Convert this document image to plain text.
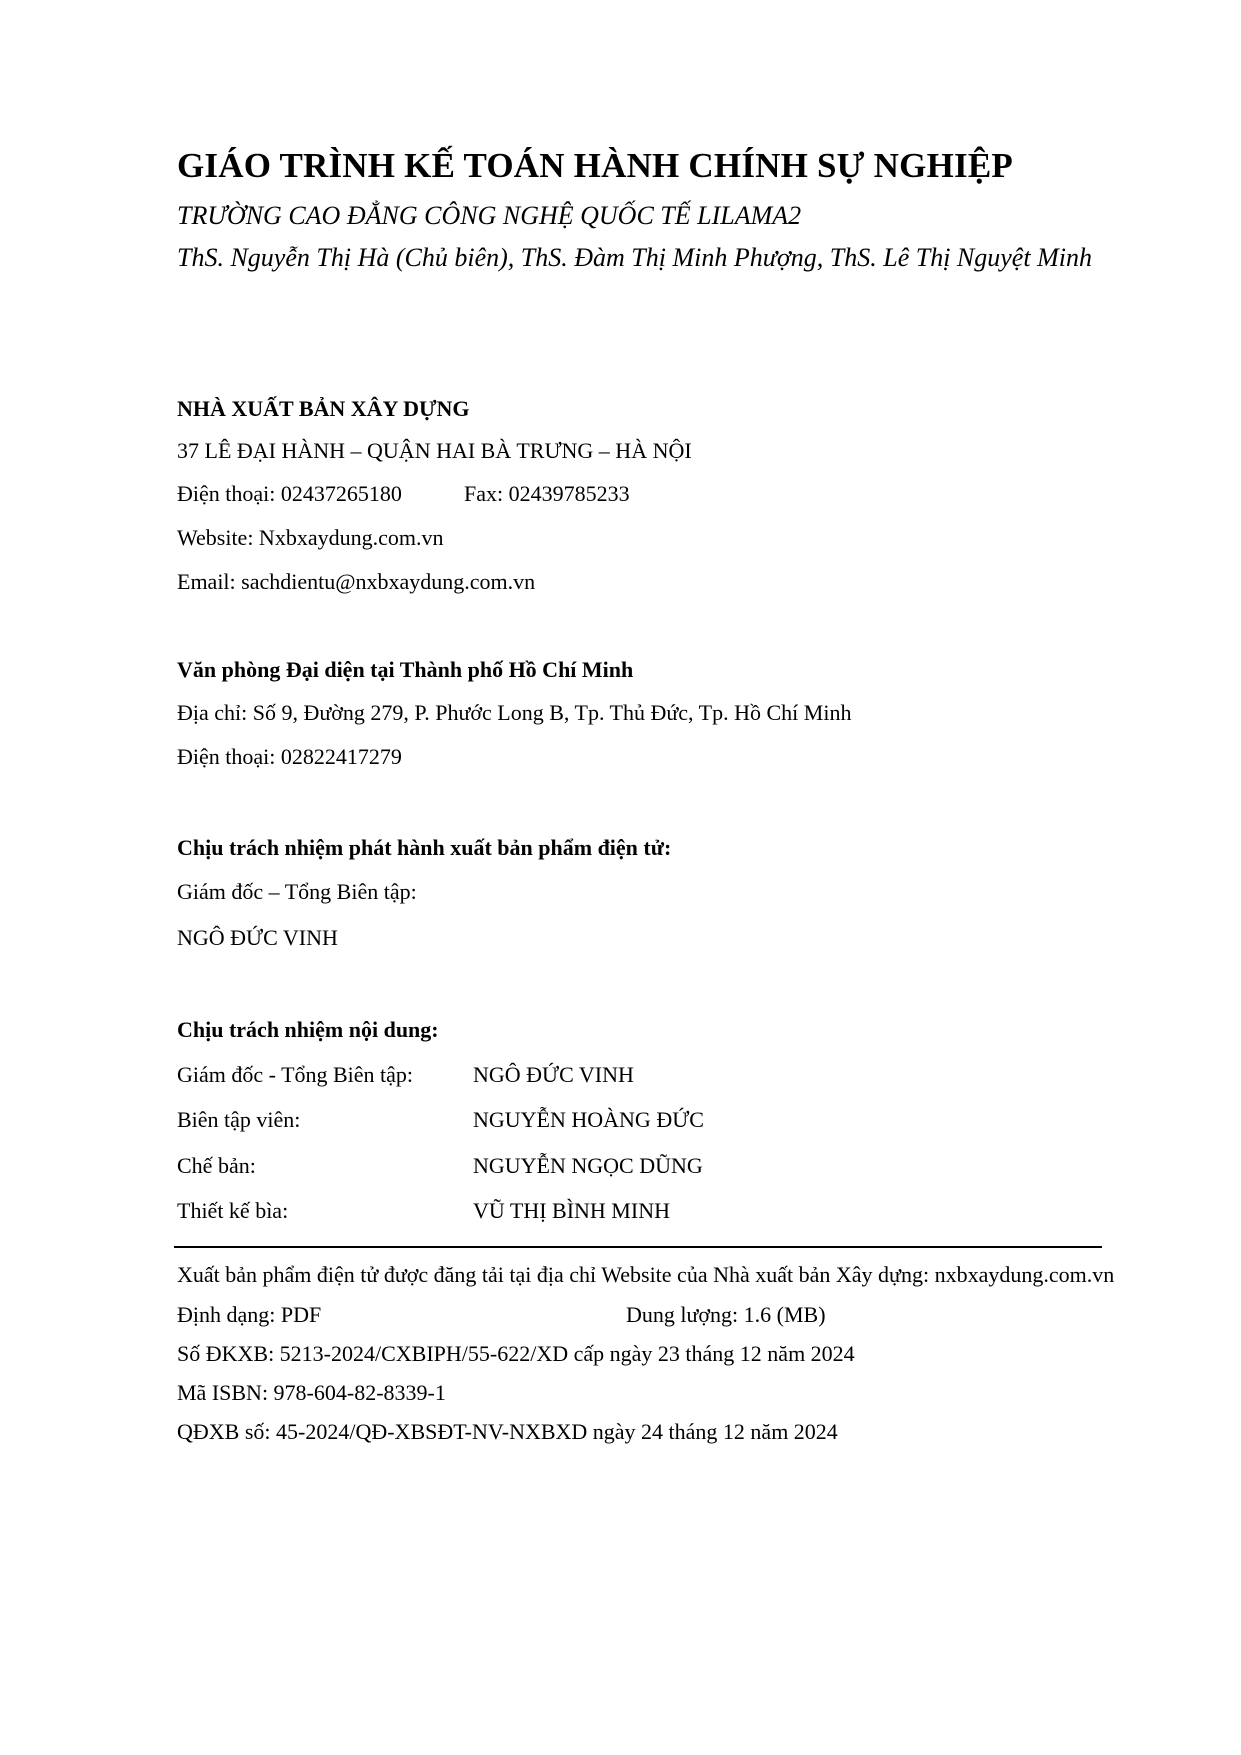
GIÁO TRÌNH KẾ TOÁN HÀNH CHÍNH SỰ NGHIỆP
TRƯỜNG CAO ĐẲNG CÔNG NGHỆ QUỐC TẾ LILAMA2
ThS. Nguyễn Thị Hà (Chủ biên), ThS. Đàm Thị Minh Phượng, ThS. Lê Thị Nguyệt Minh
NHÀ XUẤT BẢN XÂY DỰNG
37 LÊ ĐẠI HÀNH – QUẬN HAI BÀ TRƯNG – HÀ NỘI
Điện thoại: 02437265180	Fax: 02439785233
Website: Nxbxaydung.com.vn
Email: sachdientu@nxbxaydung.com.vn
Văn phòng Đại diện tại Thành phố Hồ Chí Minh
Địa chỉ: Số 9, Đường 279, P. Phước Long B, Tp. Thủ Đức, Tp. Hồ Chí Minh
Điện thoại: 02822417279
Chịu trách nhiệm phát hành xuất bản phẩm điện tử:
Giám đốc – Tổng Biên tập:
NGÔ ĐỨC VINH
Chịu trách nhiệm nội dung:
Giám đốc - Tổng Biên tập:	NGÔ ĐỨC VINH
Biên tập viên:	NGUYỄN HOÀNG ĐỨC
Chế bản:	NGUYỄN NGỌC DŨNG
Thiết kế bìa:	VŨ THỊ BÌNH MINH
Xuất bản phẩm điện tử được đăng tải tại địa chỉ Website của Nhà xuất bản Xây dựng: nxbxaydung.com.vn
Định dạng: PDF	Dung lượng: 1.6 (MB)
Số ĐKXB: 5213-2024/CXBIPH/55-622/XD cấp ngày 23 tháng 12 năm 2024
Mã ISBN: 978-604-82-8339-1
QĐXB số: 45-2024/QĐ-XBSĐT-NV-NXBXD ngày 24 tháng 12 năm 2024
